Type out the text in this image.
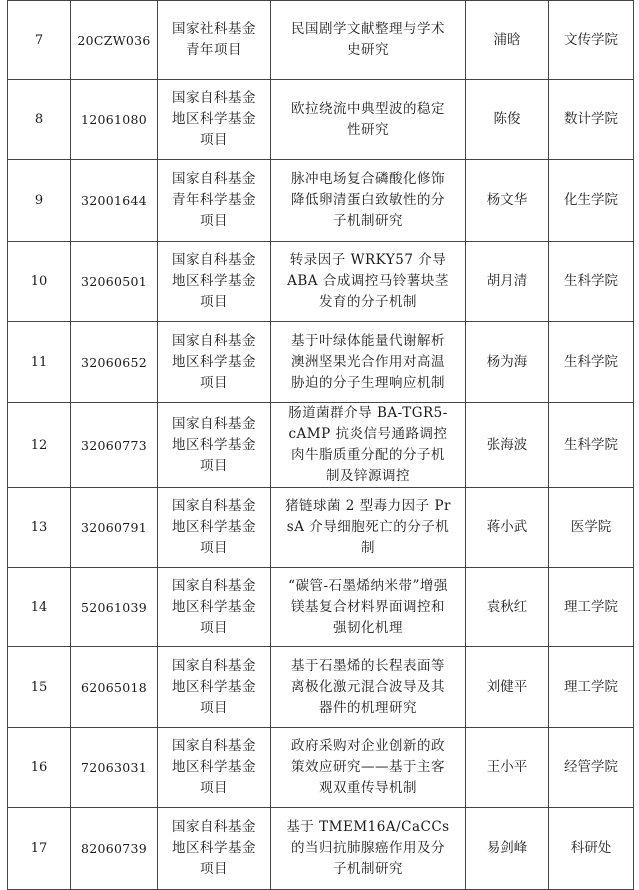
7	20CZW036	国家社科基金青年项目	民国剧学文献整理与学术史研究	浦晗	文传学院
8	12061080	国家自科基金地区科学基金项目	欧拉绕流中典型波的稳定性研究	陈俊	数计学院
9	32001644	国家自科基金青年科学基金项目	脉冲电场复合磷酸化修饰降低卵清蛋白致敏性的分子机制研究	杨文华	化生学院
10	32060501	国家自科基金地区科学基金项目	转录因子 WRKY57 介导 ABA 合成调控马铃薯块茎发育的分子机制	胡月清	生科学院
11	32060652	国家自科基金地区科学基金项目	基于叶绿体能量代谢解析澳洲坚果光合作用对高温胁迫的分子生理响应机制	杨为海	生科学院
12	32060773	国家自科基金地区科学基金项目	肠道菌群介导 BA-TGR5-cAMP 抗炎信号通路调控肉牛脂质重分配的分子机制及锌源调控	张海波	生科学院
13	32060791	国家自科基金地区科学基金项目	猪链球菌 2 型毒力因子 PrsA 介导细胞死亡的分子机制	蒋小武	医学院
14	52061039	国家自科基金地区科学基金项目	“碳管-石墨烯纳米带”增强镁基复合材料界面调控和强韧化机理	袁秋红	理工学院
15	62065018	国家自科基金地区科学基金项目	基于石墨烯的长程表面等离极化激元混合波导及其器件的机理研究	刘健平	理工学院
16	72063031	国家自科基金地区科学基金项目	政府采购对企业创新的政策效应研究——基于主客观双重传导机制	王小平	经管学院
17	82060739	国家自科基金地区科学基金项目	基于 TMEM16A/CaCCs 的当归抗肺腺癌作用及分子机制研究	易剑峰	科研处
